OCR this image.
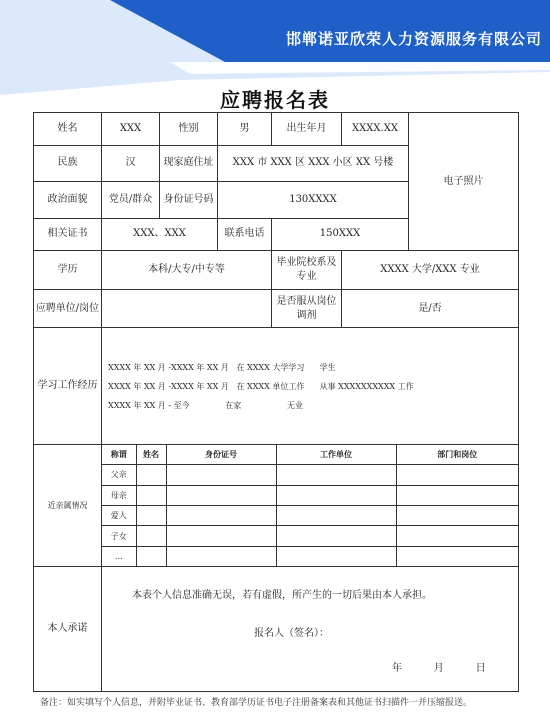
邯郸诺亚欣荣人力资源服务有限公司
应聘报名表
姓名	XXX	性别	男	出生年月	XXXX.XX	电子照片
民族	汉	现家庭住址	XXX 市 XXX 区 XXX 小区 XX 号楼
政治面貌	党员/群众	身份证号码	130XXXX
相关证书	XXX、XXX	联系电话	150XXX
学历	本科/大专/中专等	毕业院校系及专业	XXXX 大学/XXX 专业
应聘单位/岗位		是否服从岗位调剂	是/否
学习工作经历	
XXXX 年 XX 月 -XXXX 年 XX 月   在 XXXX 大学学习      学生
XXXX 年 XX 月 -XXXX 年 XX 月   在 XXXX 单位工作      从事 XXXXXXXXXX 工作
XXXX 年 XX 月 - 至今              在家                  无业

近亲属情况	
称谓	姓名	身份证号	工作单位	部门和岗位
父亲				
母亲				
爱人				
子女				
…				

本人承诺	
本表个人信息准确无误，若有虚假，所产生的一切后果由本人承担。
报名人（签名）：
年          月          日
备注：如实填写个人信息，并附毕业证书、教育部学历证书电子注册备案表和其他证书扫描件一并压缩报送。
